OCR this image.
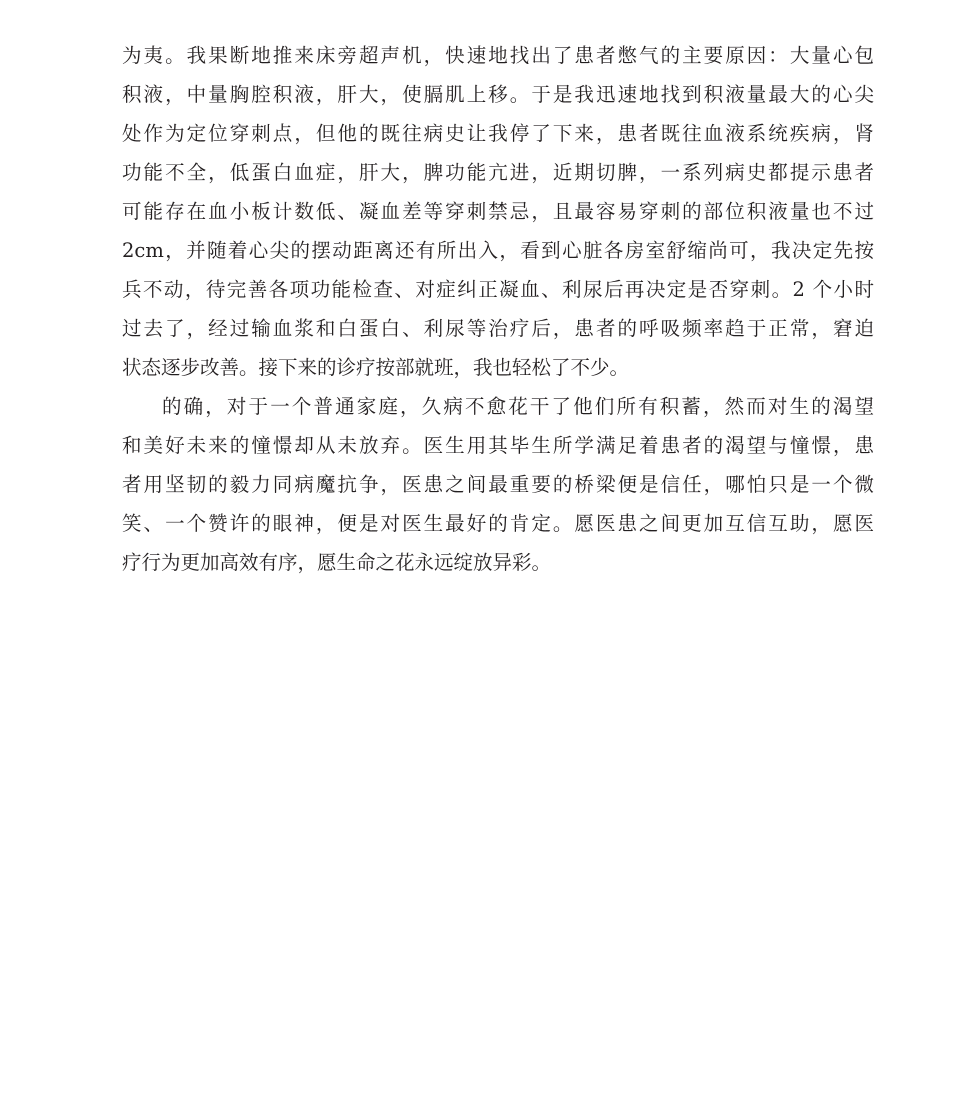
为夷。我果断地推来床旁超声机，快速地找出了患者憋气的主要原因：大量心包
积液，中量胸腔积液，肝大，使膈肌上移。于是我迅速地找到积液量最大的心尖
处作为定位穿刺点，但他的既往病史让我停了下来，患者既往血液系统疾病，肾
功能不全，低蛋白血症，肝大，脾功能亢进，近期切脾，一系列病史都提示患者
可能存在血小板计数低、凝血差等穿刺禁忌，且最容易穿刺的部位积液量也不过
2cm，并随着心尖的摆动距离还有所出入，看到心脏各房室舒缩尚可，我决定先按
兵不动，待完善各项功能检查、对症纠正凝血、利尿后再决定是否穿刺。2 个小时
过去了，经过输血浆和白蛋白、利尿等治疗后，患者的呼吸频率趋于正常，窘迫
状态逐步改善。接下来的诊疗按部就班，我也轻松了不少。
的确，对于一个普通家庭，久病不愈花干了他们所有积蓄，然而对生的渴望
和美好未来的憧憬却从未放弃。医生用其毕生所学满足着患者的渴望与憧憬，患
者用坚韧的毅力同病魔抗争，医患之间最重要的桥梁便是信任，哪怕只是一个微
笑、一个赞许的眼神，便是对医生最好的肯定。愿医患之间更加互信互助，愿医
疗行为更加高效有序，愿生命之花永远绽放异彩。
